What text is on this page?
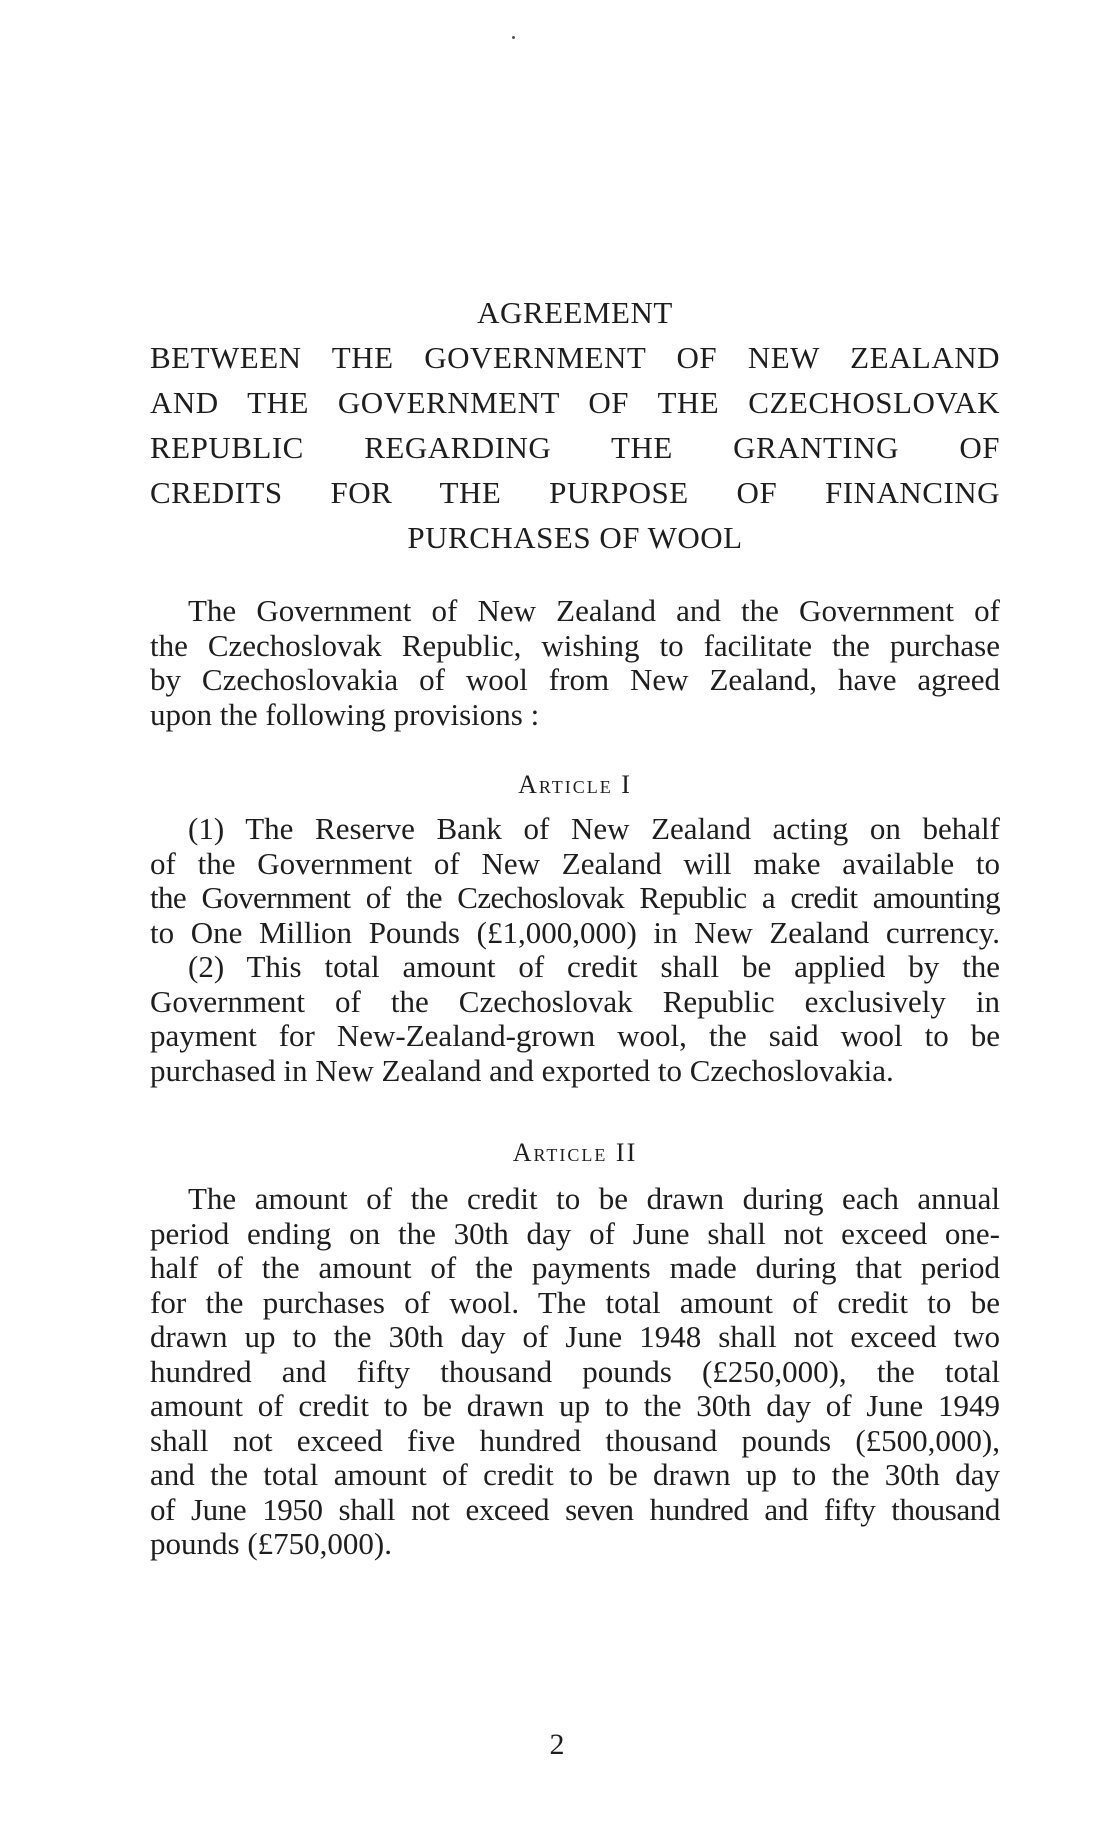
AGREEMENT
BETWEEN THE GOVERNMENT OF NEW ZEALAND
AND THE GOVERNMENT OF THE CZECHOSLOVAK
REPUBLIC REGARDING THE GRANTING OF
CREDITS FOR THE PURPOSE OF FINANCING
PURCHASES OF WOOL
The Government of New Zealand and the Government of
the Czechoslovak Republic, wishing to facilitate the purchase
by Czechoslovakia of wool from New Zealand, have agreed
upon the following provisions :
Article I
(1) The Reserve Bank of New Zealand acting on behalf
of the Government of New Zealand will make available to
the Government of the Czechoslovak Republic a credit amounting
to One Million Pounds (£1,000,000) in New Zealand currency.
(2) This total amount of credit shall be applied by the
Government of the Czechoslovak Republic exclusively in
payment for New-Zealand-grown wool, the said wool to be
purchased in New Zealand and exported to Czechoslovakia.
Article II
The amount of the credit to be drawn during each annual
period ending on the 30th day of June shall not exceed one-
half of the amount of the payments made during that period
for the purchases of wool. The total amount of credit to be
drawn up to the 30th day of June 1948 shall not exceed two
hundred and fifty thousand pounds (£250,000), the total
amount of credit to be drawn up to the 30th day of June 1949
shall not exceed five hundred thousand pounds (£500,000),
and the total amount of credit to be drawn up to the 30th day
of June 1950 shall not exceed seven hundred and fifty thousand
pounds (£750,000).
2
